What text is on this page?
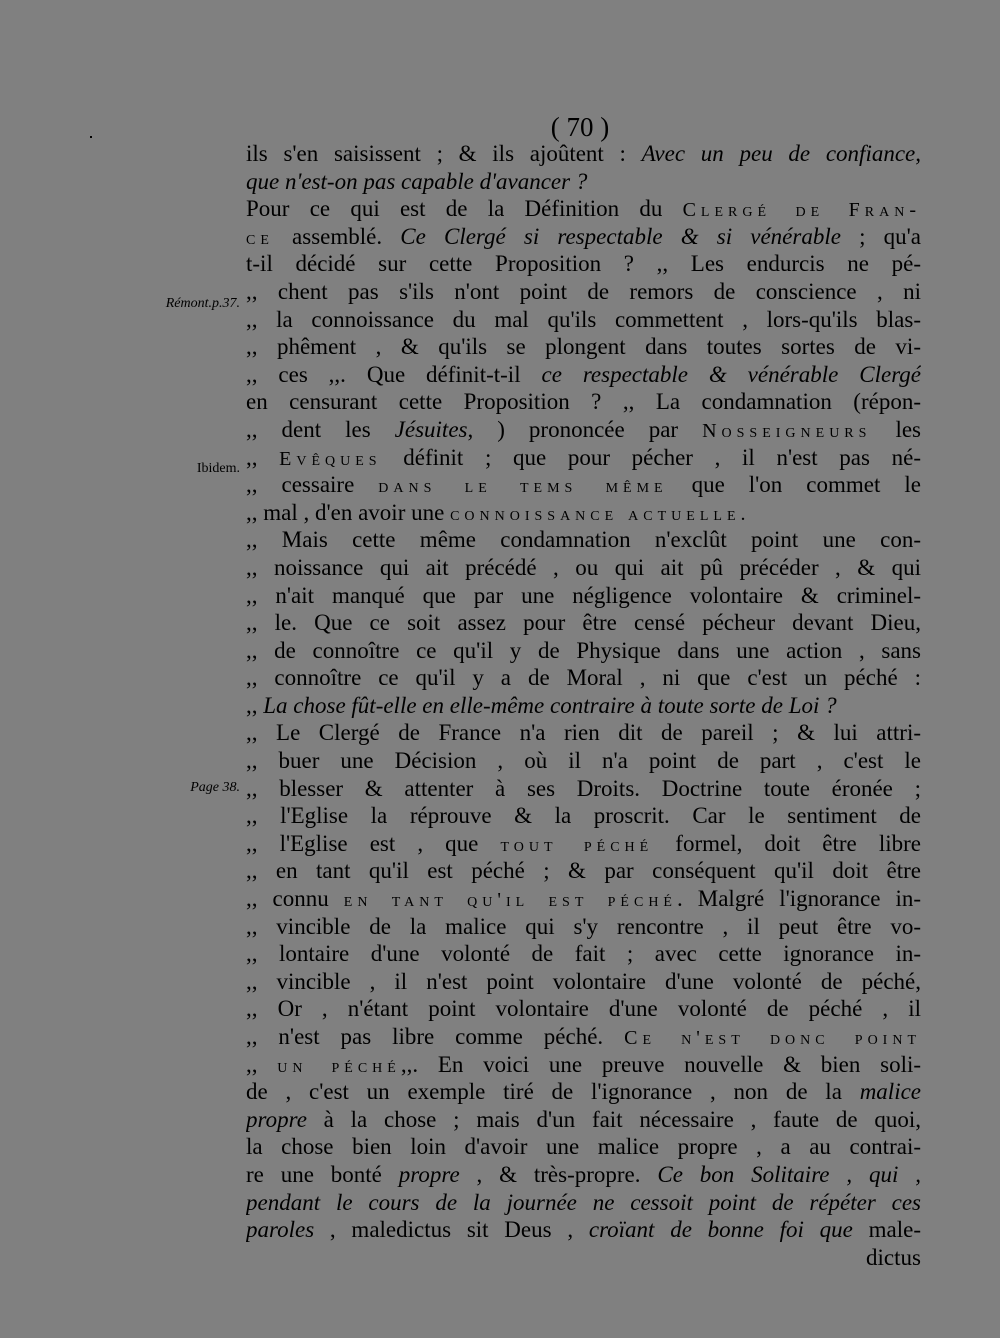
( 70 )
Rémont.p.37.
Ibidem.
Page 38.
ils s'en saisissent ; & ils ajoûtent : Avec un peu de confiance,
que n'est-on pas capable d'avancer ?
Pour ce qui est de la Définition du Clergé de Fran-
ce assemblé. Ce Clergé si respectable & si vénérable ; qu'a
t-il décidé sur cette Proposition ? ,, Les endurcis ne pé-
,, chent pas s'ils n'ont point de remors de conscience , ni
,, la connoissance du mal qu'ils commettent , lors-qu'ils blas-
,, phêment , & qu'ils se plongent dans toutes sortes de vi-
,, ces ,,. Que définit-t-il ce respectable & vénérable Clergé
en censurant cette Proposition ? ,, La condamnation (répon-
,, dent les Jésuites, ) prononcée par Nosseigneurs les
,, Evêques définit ; que pour pécher , il n'est pas né-
,, cessaire dans le tems même que l'on commet le
,, mal , d'en avoir une connoissance actuelle.
,, Mais cette même condamnation n'exclût point une con-
,, noissance qui ait précédé , ou qui ait pû précéder , & qui
,, n'ait manqué que par une négligence volontaire & criminel-
,, le. Que ce soit assez pour être censé pécheur devant Dieu,
,, de connoître ce qu'il y de Physique dans une action , sans
,, connoître ce qu'il y a de Moral , ni que c'est un péché :
,, La chose fût-elle en elle-même contraire à toute sorte de Loi ?
,, Le Clergé de France n'a rien dit de pareil ; & lui attri-
,, buer une Décision , où il n'a point de part , c'est le
,, blesser & attenter à ses Droits. Doctrine toute éronée ;
,, l'Eglise la réprouve & la proscrit. Car le sentiment de
,, l'Eglise est , que tout péché formel, doit être libre
,, en tant qu'il est péché ; & par conséquent qu'il doit être
,, connu en tant qu'il est péché. Malgré l'ignorance in-
,, vincible de la malice qui s'y rencontre , il peut être vo-
,, lontaire d'une volonté de fait ; avec cette ignorance in-
,, vincible , il n'est point volontaire d'une volonté de péché,
,, Or , n'étant point volontaire d'une volonté de péché , il
,, n'est pas libre comme péché. Ce n'est donc point
,, un péché,,. En voici une preuve nouvelle & bien soli-
de , c'est un exemple tiré de l'ignorance , non de la malice
propre à la chose ; mais d'un fait nécessaire , faute de quoi,
la chose bien loin d'avoir une malice propre , a au contrai-
re une bonté propre , & très-propre. Ce bon Solitaire , qui ,
pendant le cours de la journée ne cessoit point de répéter ces
paroles , maledictus sit Deus , croïant de bonne foi que male-
dictus
